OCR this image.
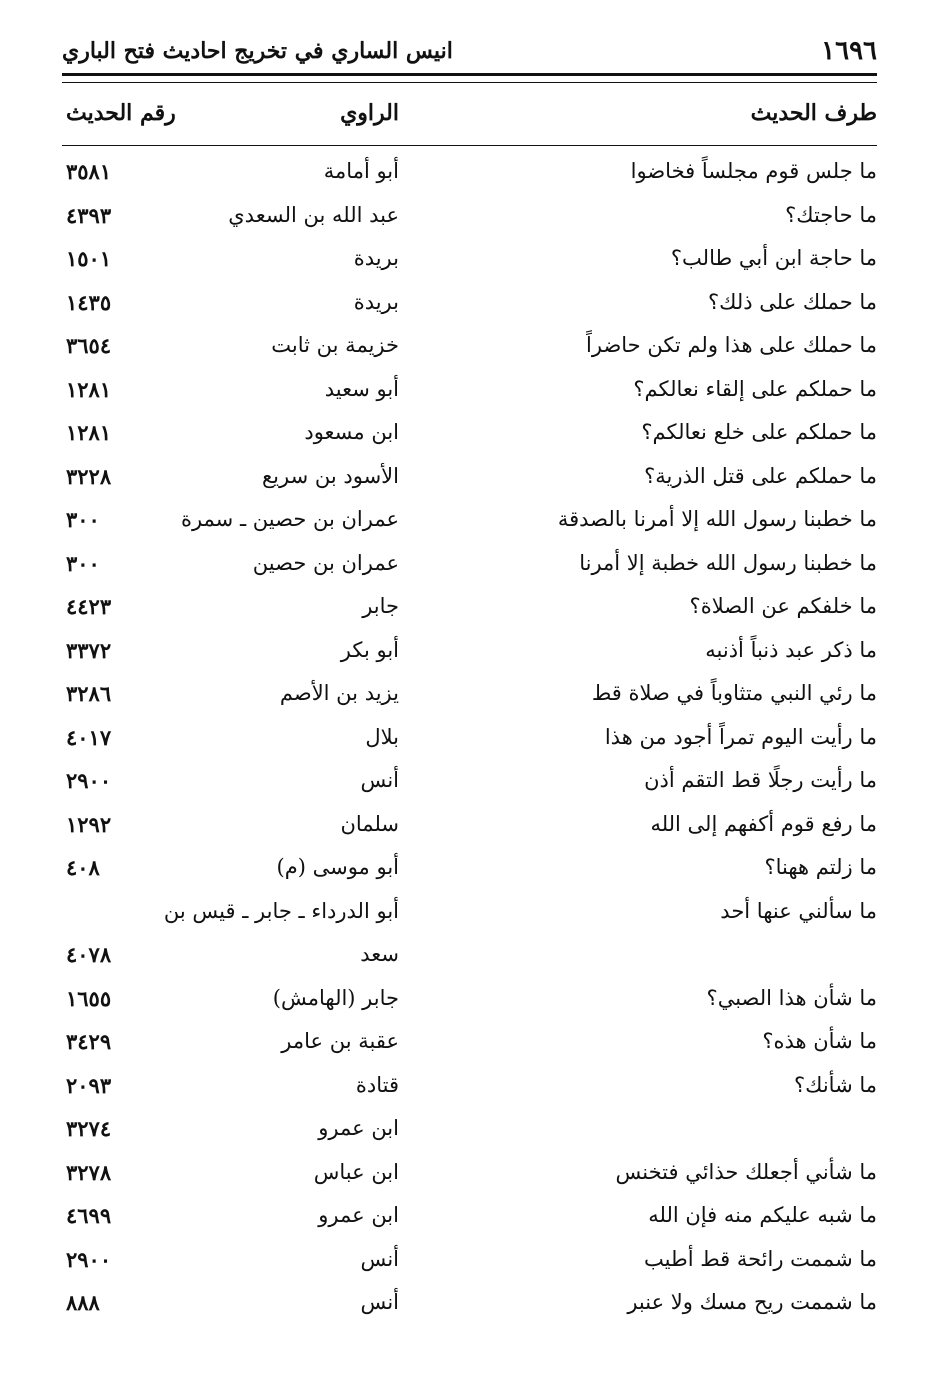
١٦٩٦
انيس الساري في تخريج احاديث فتح الباري
طرف الحديث
الراوي
رقم الحديث
ما جلس قوم مجلساً فخاضوا
أبو أمامة
٣٥٨١
ما حاجتك؟
عبد الله بن السعدي
٤٣٩٣
ما حاجة ابن أبي طالب؟
بريدة
١٥٠١
ما حملك على ذلك؟
بريدة
١٤٣٥
ما حملك على هذا ولم تكن حاضراً
خزيمة بن ثابت
٣٦٥٤
ما حملكم على إلقاء نعالكم؟
أبو سعيد
١٢٨١
ما حملكم على خلع نعالكم؟
ابن مسعود
١٢٨١
ما حملكم على قتل الذرية؟
الأسود بن سريع
٣٢٢٨
ما خطبنا رسول الله إلا أمرنا بالصدقة
عمران بن حصين ـ سمرة
٣٠٠
ما خطبنا رسول الله خطبة إلا أمرنا
عمران بن حصين
٣٠٠
ما خلفكم عن الصلاة؟
جابر
٤٤٢٣
ما ذكر عبد ذنباً أذنبه
أبو بكر
٣٣٧٢
ما رئي النبي متثاوباً في صلاة قط
يزيد بن الأصم
٣٢٨٦
ما رأيت اليوم تمراً أجود من هذا
بلال
٤٠١٧
ما رأيت رجلًا قط التقم أذن
أنس
٢٩٠٠
ما رفع قوم أكفهم إلى الله
سلمان
١٢٩٢
ما زلتم ههنا؟
أبو موسى (م)
٤٠٨
ما سألني عنها أحد
أبو الدرداء ـ جابر ـ قيس بن
سعد
٤٠٧٨
ما شأن هذا الصبي؟
جابر (الهامش)
١٦٥٥
ما شأن هذه؟
عقبة بن عامر
٣٤٢٩
ما شأنك؟
قتادة
٢٠٩٣
ابن عمرو
٣٢٧٤
ما شأني أجعلك حذائي فتخنس
ابن عباس
٣٢٧٨
ما شبه عليكم منه فإن الله
ابن عمرو
٤٦٩٩
ما شممت رائحة قط أطيب
أنس
٢٩٠٠
ما شممت ريح مسك ولا عنبر
أنس
٨٨٨
